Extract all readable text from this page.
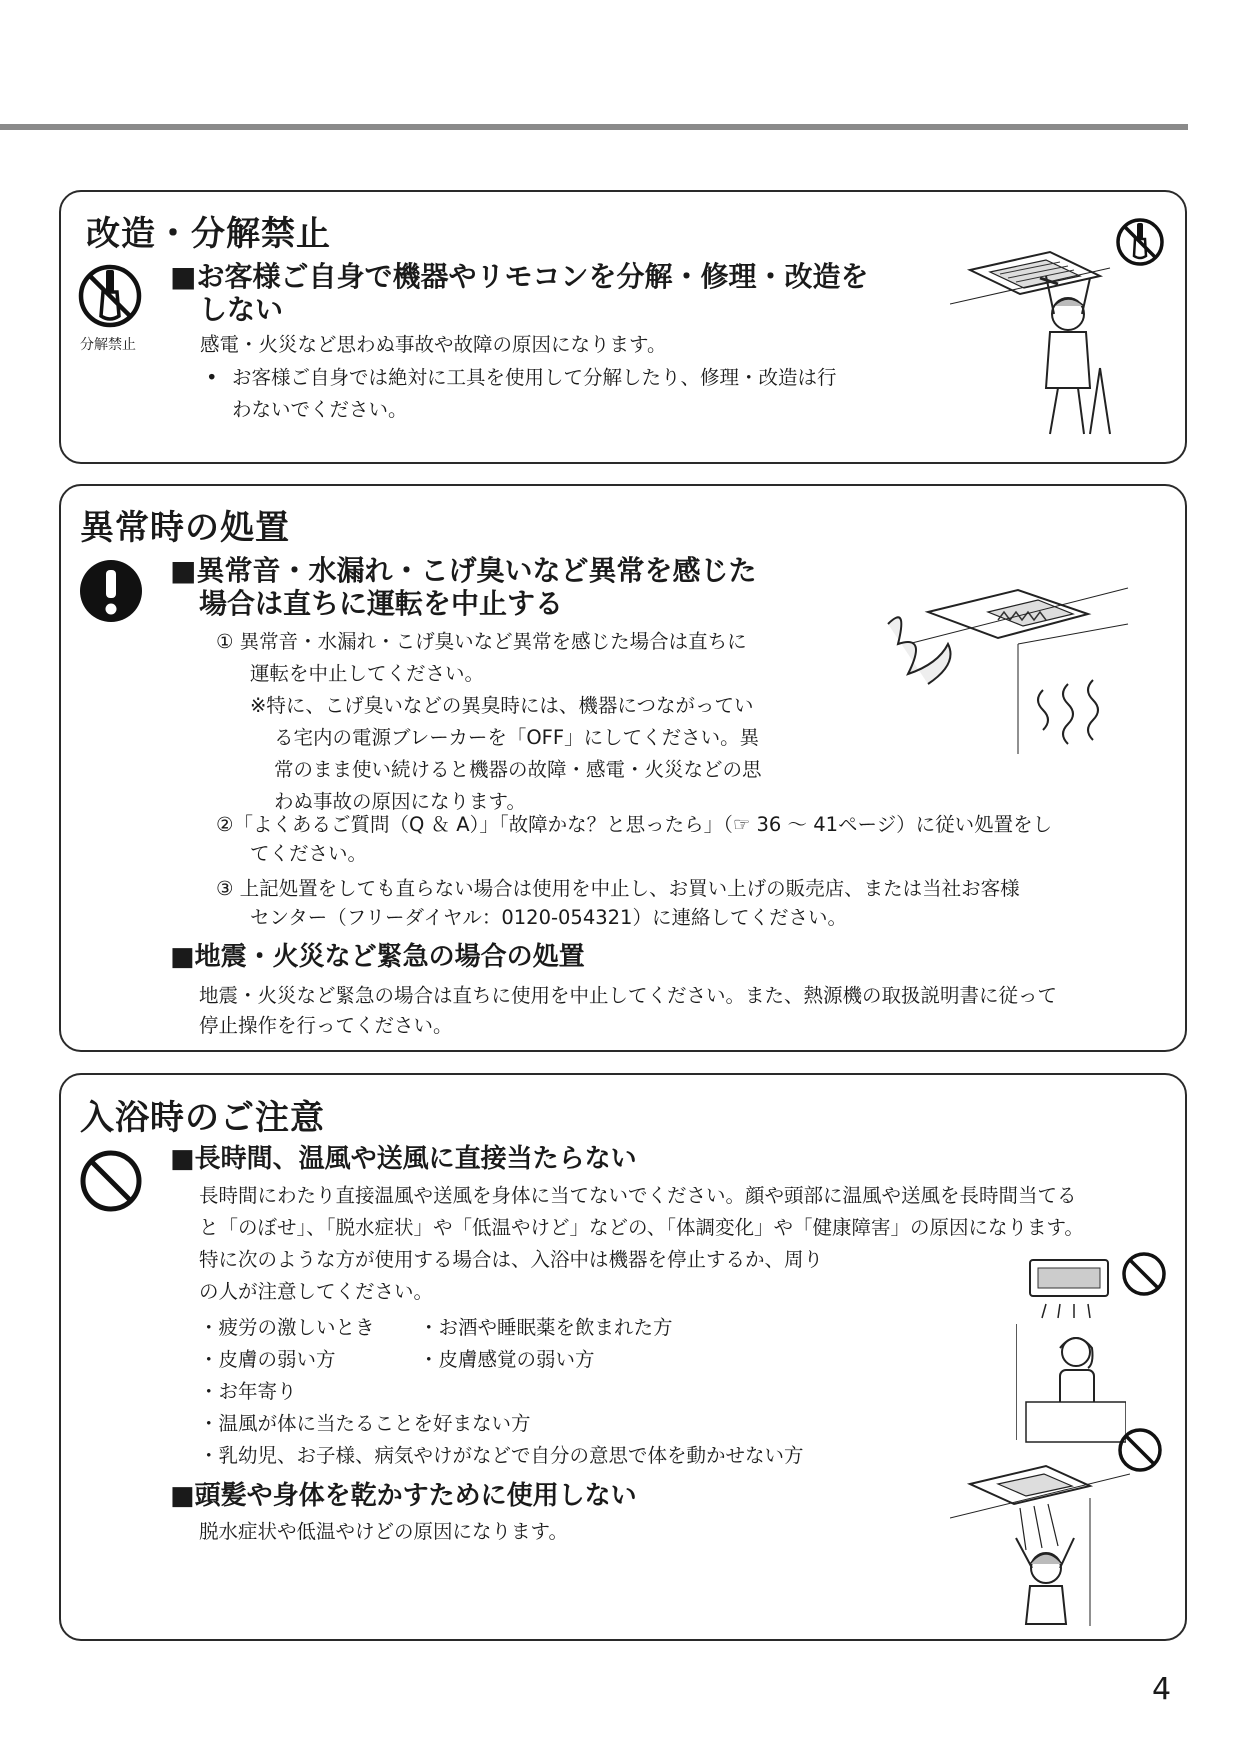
改造・分解禁止
分解禁止
■お客様ご自身で機器やリモコンを分解・修理・改造を
しない
感電・火災など思わぬ事故や故障の原因になります。
• お客様ご自身では絶対に工具を使用して分解したり、修理・改造は行
わないでください。
異常時の処置
■異常音・水漏れ・こげ臭いなど異常を感じた
場合は直ちに運転を中止する
① 異常音・水漏れ・こげ臭いなど異常を感じた場合は直ちに
運転を中止してください。
※特に、こげ臭いなどの異臭時には、機器につながってい
る宅内の電源ブレーカーを「OFF」にしてください。異
常のまま使い続けると機器の故障・感電・火災などの思
わぬ事故の原因になります。
②「よくあるご質問（Q ＆ A）」「故障かな？と思ったら」（☞ 36 ～ 41ページ）に従い処置をし
てください。
③ 上記処置をしても直らない場合は使用を中止し、お買い上げの販売店、または当社お客様
センター（フリーダイヤル：0120-054321）に連絡してください。
■地震・火災など緊急の場合の処置
地震・火災など緊急の場合は直ちに使用を中止してください。また、熱源機の取扱説明書に従って
停止操作を行ってください。
入浴時のご注意
■長時間、温風や送風に直接当たらない
長時間にわたり直接温風や送風を身体に当てないでください。顔や頭部に温風や送風を長時間当てる
と「のぼせ」、「脱水症状」や「低温やけど」などの、「体調変化」や「健康障害」の原因になります。
特に次のような方が使用する場合は、入浴中は機器を停止するか、周り
の人が注意してください。
・疲労の激しいとき ・お酒や睡眠薬を飲まれた方
・皮膚の弱い方	・皮膚感覚の弱い方
・お年寄り
・温風が体に当たることを好まない方
・乳幼児、お子様、病気やけがなどで自分の意思で体を動かせない方
■頭髪や身体を乾かすために使用しない
脱水症状や低温やけどの原因になります。
4
